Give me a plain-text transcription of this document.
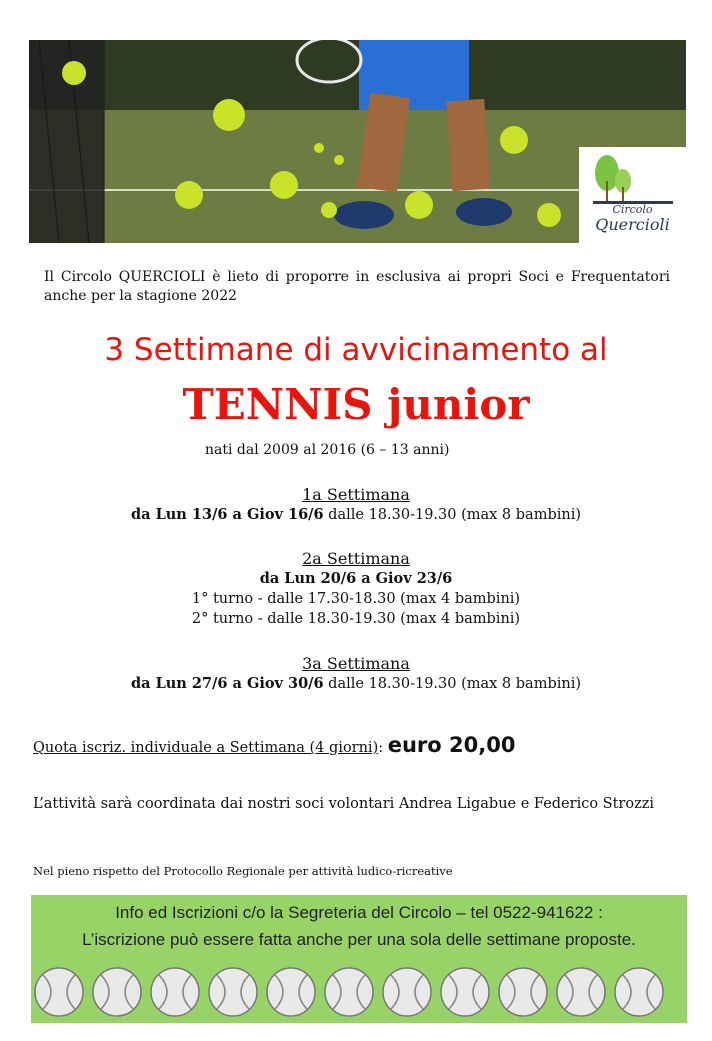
Circolo
Quercioli
Il Circolo QUERCIOLI è lieto di proporre in esclusiva ai propri Soci e Frequentatori anche per la stagione 2022
3 Settimane di avvicinamento al
TENNIS junior
nati dal 2009 al 2016 (6 – 13 anni)
1a Settimana
da Lun 13/6 a Giov 16/6 dalle 18.30-19.30 (max 8 bambini)
2a Settimana
da Lun 20/6 a Giov 23/6
1° turno - dalle 17.30-18.30 (max 4 bambini)
2° turno - dalle 18.30-19.30 (max 4 bambini)
3a Settimana
da Lun 27/6 a Giov 30/6 dalle 18.30-19.30 (max 8 bambini)
Quota iscriz. individuale a Settimana (4 giorni): euro 20,00
L’attività sarà coordinata dai nostri soci volontari Andrea Ligabue e Federico Strozzi
Nel pieno rispetto del Protocollo Regionale per attività ludico-ricreative
Info ed Iscrizioni c/o la Segreteria del Circolo – tel 0522-941622 :
L’iscrizione può essere fatta anche per una sola delle settimane proposte.
